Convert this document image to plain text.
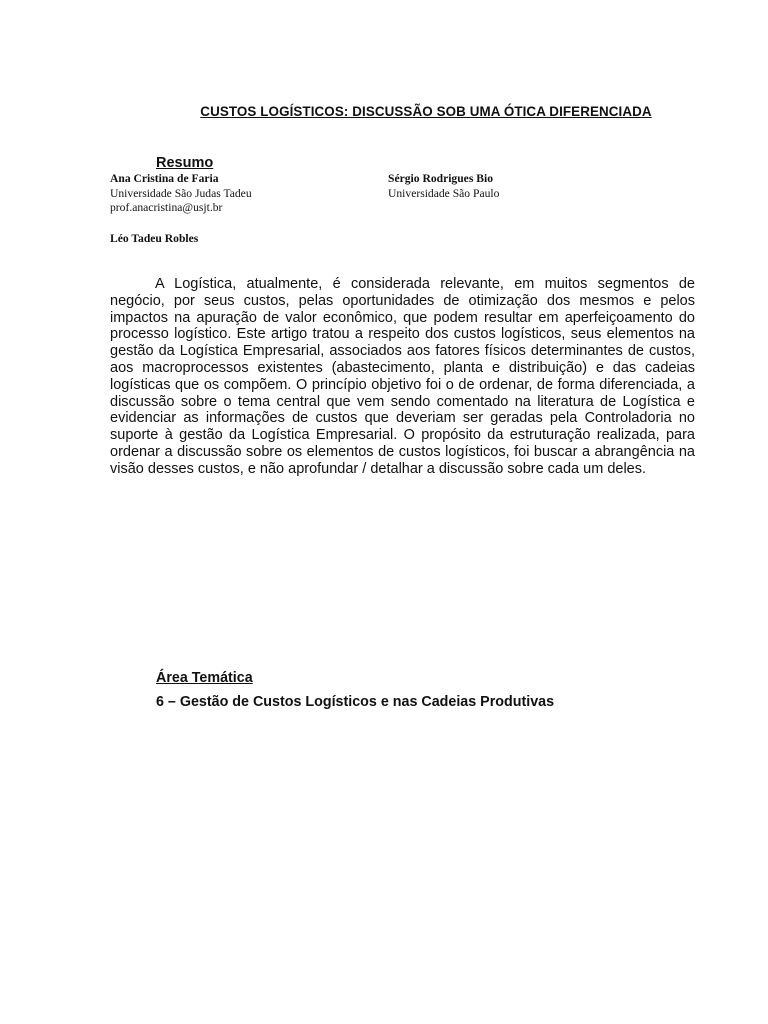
CUSTOS LOGÍSTICOS: DISCUSSÃO SOB UMA ÓTICA DIFERENCIADA
Resumo
Ana Cristina de Faria
Universidade São Judas Tadeu
prof.anacristina@usjt.br
Sérgio Rodrigues Bio
Universidade São Paulo
Léo Tadeu Robles

A Logística, atualmente, é considerada relevante, em muitos segmentos de negócio, por seus custos, pelas oportunidades de otimização dos mesmos e pelos impactos na apuração de valor econômico, que podem resultar em aperfeiçoamento do processo logístico. Este artigo tratou a respeito dos custos logísticos, seus elementos na gestão da Logística Empresarial, associados aos fatores físicos determinantes de custos, aos macroprocessos existentes (abastecimento, planta e distribuição) e das cadeias logísticas que os compõem. O princípio objetivo foi o de ordenar, de forma diferenciada, a discussão sobre o tema central que vem sendo comentado na literatura de Logística e evidenciar as informações de custos que deveriam ser geradas pela Controladoria no suporte à gestão da Logística Empresarial. O propósito da estruturação realizada, para ordenar a discussão sobre os elementos de custos logísticos, foi buscar a abrangência na visão desses custos, e não aprofundar / detalhar a discussão sobre cada um deles.

Área Temática
6 – Gestão de Custos Logísticos e nas Cadeias Produtivas
